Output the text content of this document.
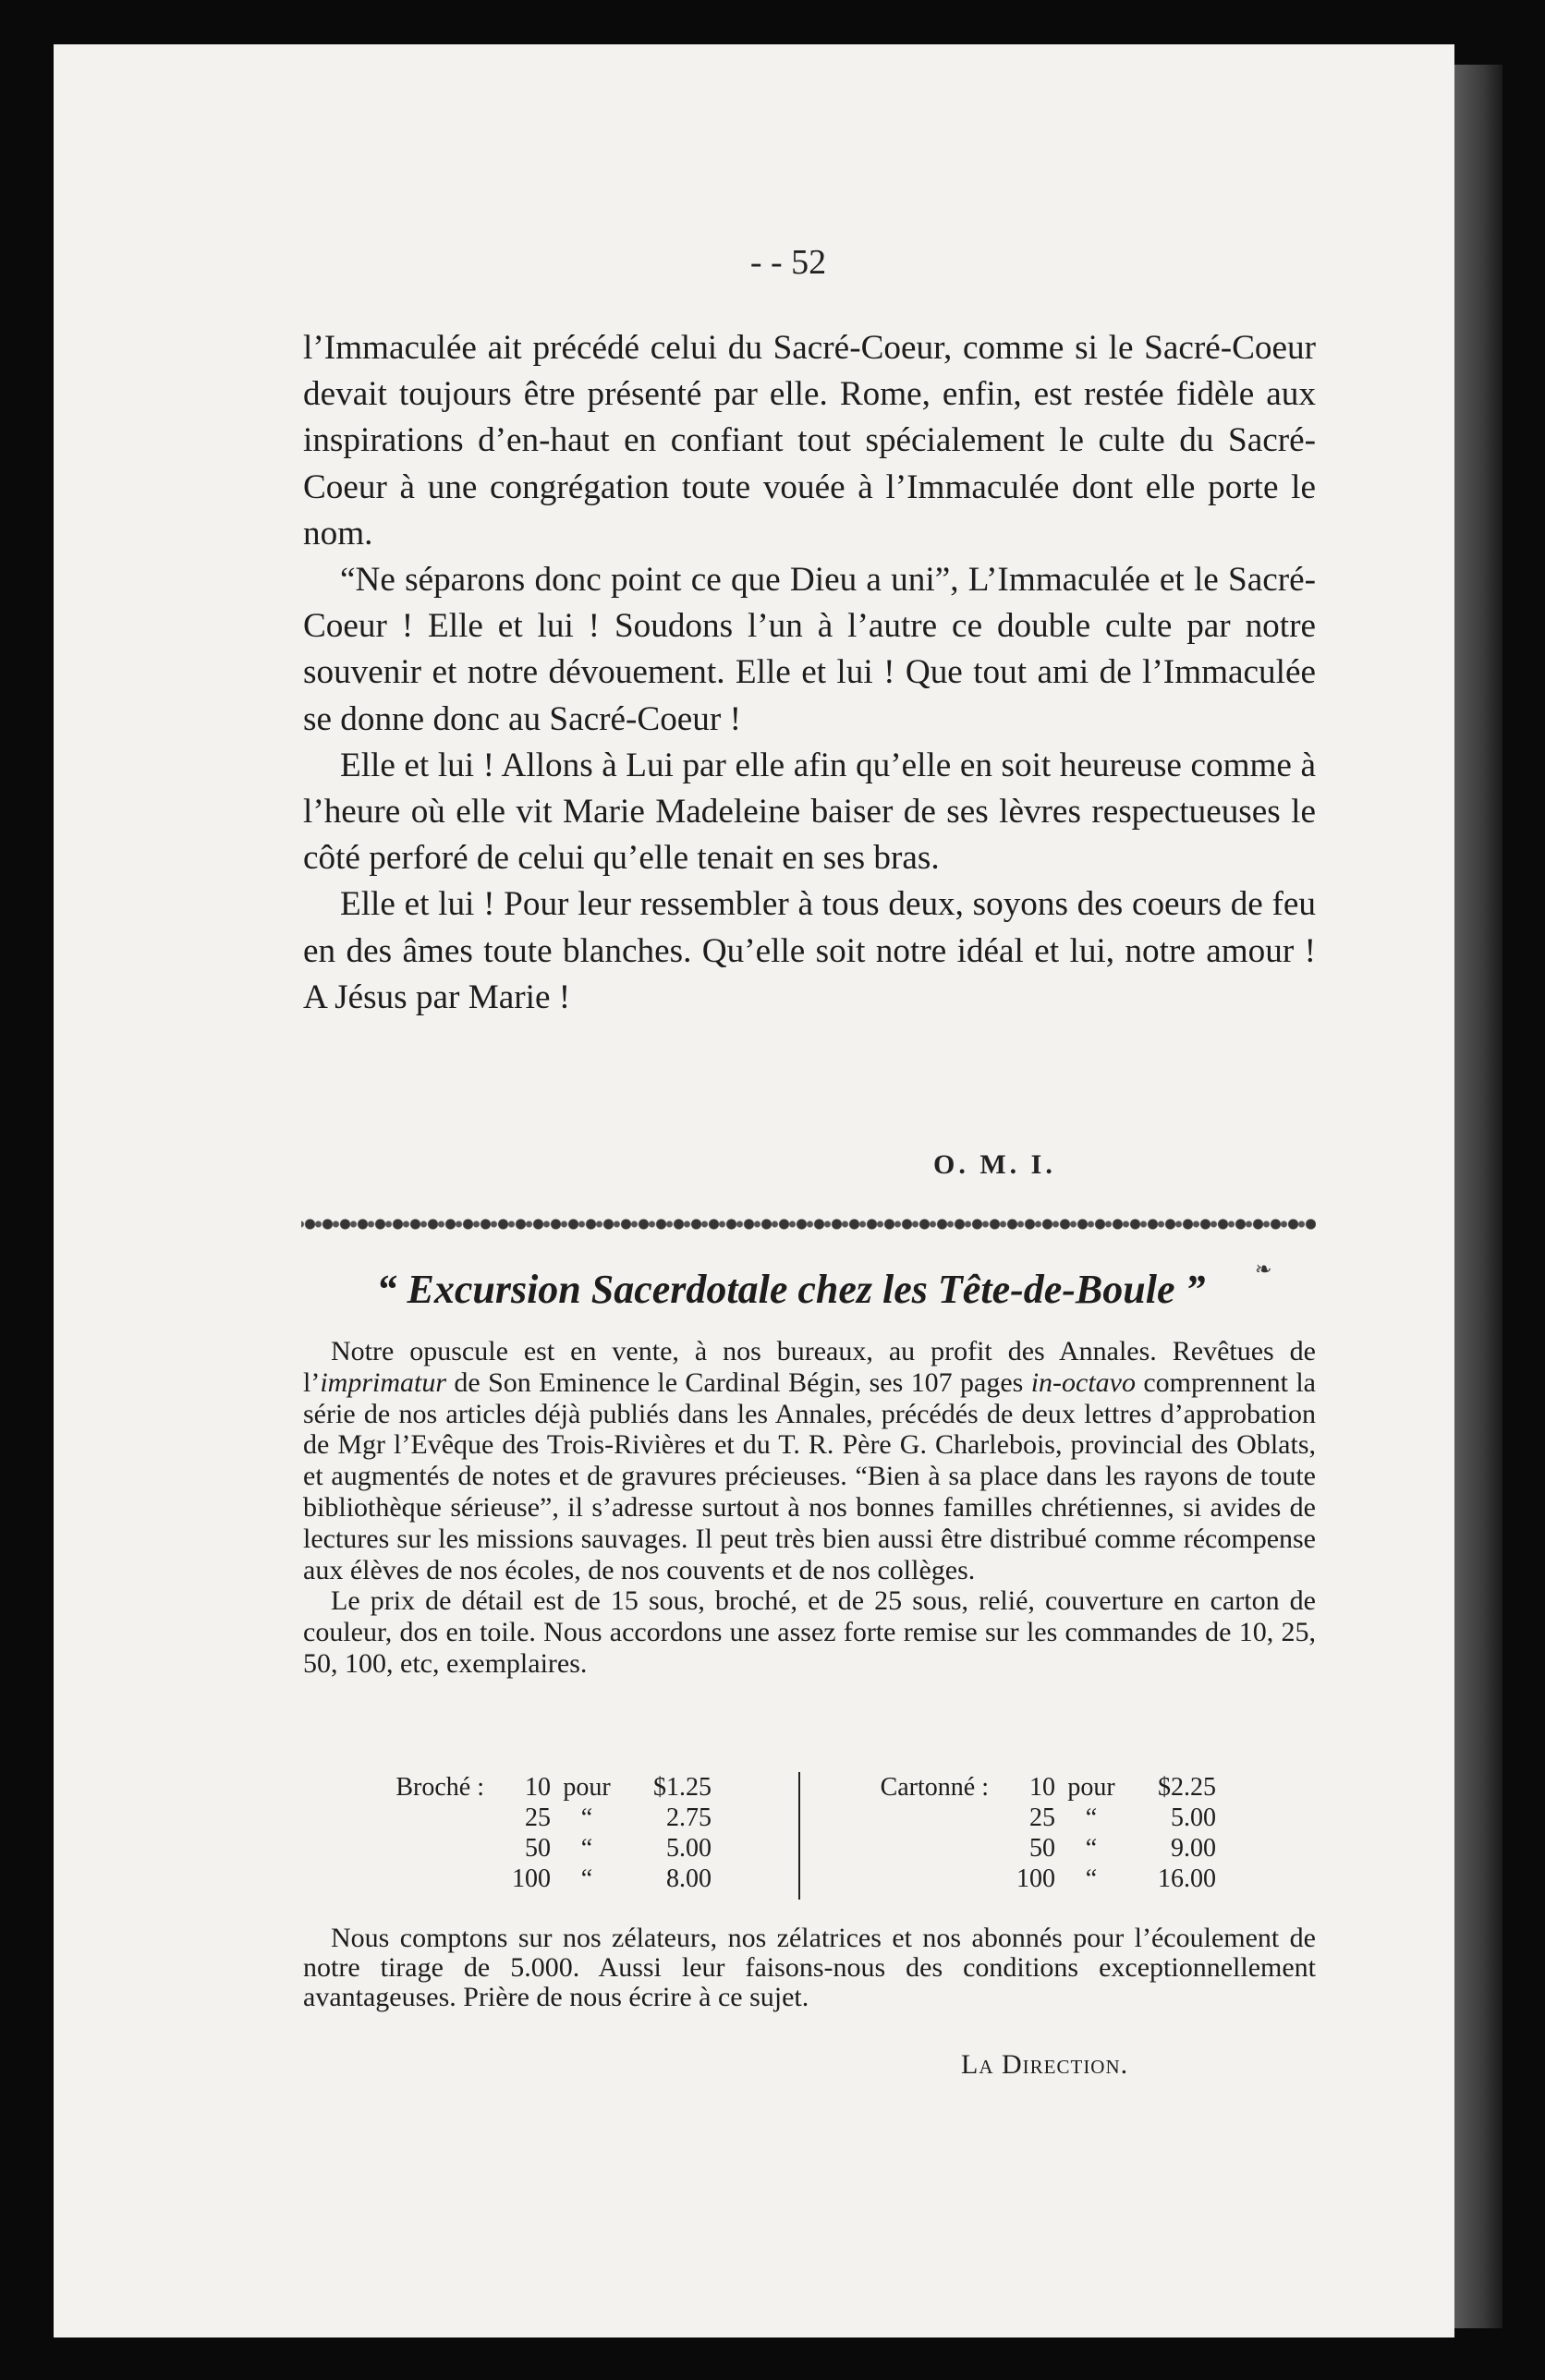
- - 52

l’Immaculée ait précédé celui du Sacré-Coeur, comme si le Sacré-Coeur devait toujours être présenté par elle. Rome, enfin, est restée fidèle aux inspirations d’en-haut en confiant tout spécialement le culte du Sacré-Coeur à une congrégation toute vouée à l’Immaculée dont elle porte le nom.

“Ne séparons donc point ce que Dieu a uni”, L’Immaculée et le Sacré-Coeur ! Elle et lui ! Soudons l’un à l’autre ce double culte par notre souvenir et notre dévouement. Elle et lui ! Que tout ami de l’Immaculée se donne donc au Sacré-Coeur !

Elle et lui ! Allons à Lui par elle afin qu’elle en soit heureuse comme à l’heure où elle vit Marie Madeleine baiser de ses lèvres respectueuses le côté perforé de celui qu’elle tenait en ses bras.

Elle et lui ! Pour leur ressembler à tous deux, soyons des coeurs de feu en des âmes toute blanches. Qu’elle soit notre idéal et lui, notre amour ! A Jésus par Marie !

O. M. I.
❧
“ Excursion Sacerdotale chez les Tête-de-Boule ”

Notre opuscule est en vente, à nos bureaux, au profit des Annales. Revêtues de l’imprimatur de Son Eminence le Cardinal Bégin, ses 107 pages in-octavo comprennent la série de nos articles déjà publiés dans les Annales, précédés de deux lettres d’approbation de Mgr l’Evêque des Trois-Rivières et du T. R. Père G. Charlebois, provincial des Oblats, et augmentés de notes et de gravures précieuses. “Bien à sa place dans les rayons de toute bibliothèque sérieuse”, il s’adresse surtout à nos bonnes familles chrétiennes, si avides de lectures sur les missions sauvages. Il peut très bien aussi être distribué comme récompense aux élèves de nos écoles, de nos couvents et de nos collèges.

Le prix de détail est de 15 sous, broché, et de 25 sous, relié, couverture en carton de couleur, dos en toile. Nous accordons une assez forte remise sur les commandes de 10, 25, 50, 100, etc, exemplaires.

Broché :	10	pour	$1.25
	25	“	2.75
	50	“	5.00
	100	“	8.00
Cartonné :	10	pour	$2.25
	25	“	5.00
	50	“	9.00
	100	“	16.00

Nous comptons sur nos zélateurs, nos zélatrices et nos abonnés pour l’écoulement de notre tirage de 5.000. Aussi leur faisons-nous des conditions exceptionnellement avantageuses. Prière de nous écrire à ce sujet.

La Direction.
